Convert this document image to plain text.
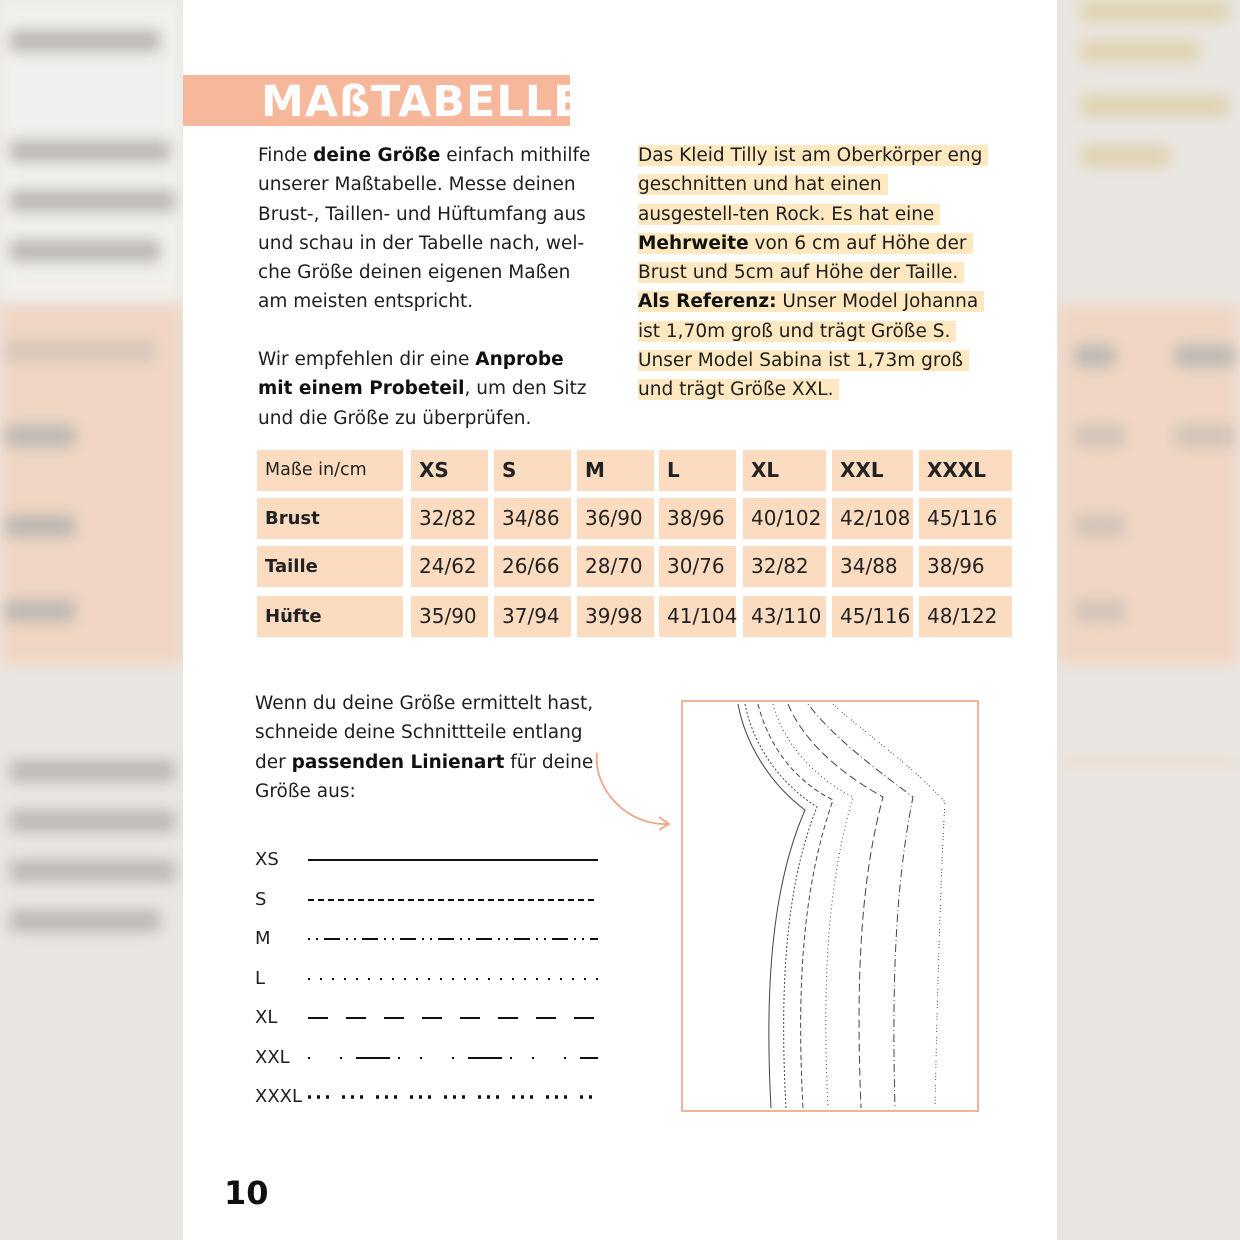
MAßTABELLE
Finde deine Größe einfach mithilfe unserer Maßtabelle. Messe deinen Brust-, Taillen- und Hüftumfang aus und schau in der Tabelle nach, wel-che Größe deinen eigenen Maßen am meisten entspricht.
Wir empfehlen dir eine Anprobe mit einem Probeteil, um den Sitz und die Größe zu überprüfen.
Das Kleid Tilly ist am Oberkörper eng geschnitten und hat einen ausgestell-ten Rock. Es hat eine Mehrweite von 6 cm auf Höhe der Brust und 5cm auf Höhe der Taille. Als Referenz: Unser Model Johanna ist 1,70m groß und trägt Größe S. Unser Model Sabina ist 1,73m groß und trägt Größe XXL.
Maße in/cm	XS	S	M	L	XL	XXL	XXXL
Brust	32/82	34/86	36/90	38/96	40/102 42/108 45/116
Taille	24/62	26/66	28/70	30/76	32/82	34/88	38/96
Hüfte	35/90	37/94	39/98	41/104 43/110 45/116 48/122
Wenn du deine Größe ermittelt hast, schneide deine Schnittteile entlang der passenden Linienart für deine Größe aus:
XS
S
M
L
XL
XXL
XXXL
10
